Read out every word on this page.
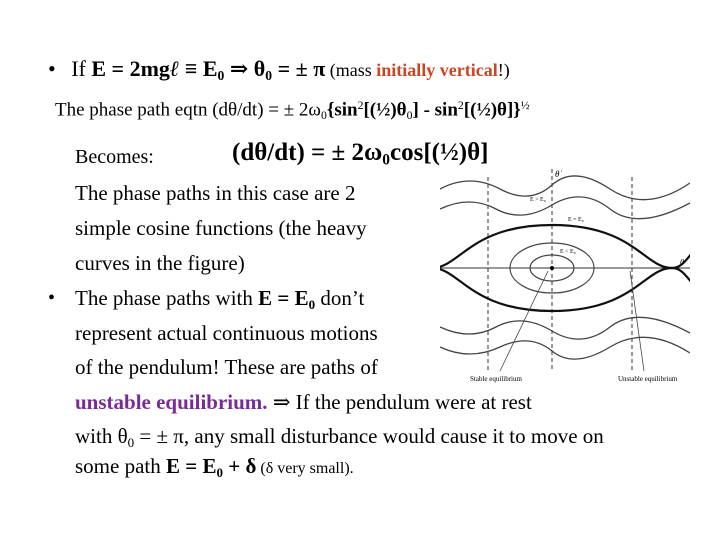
• If E = 2mgℓ ≡ $E_0$ ⇒ $\theta_0$ = ± π (mass initially vertical!)
The phase path eqtn (dθ/dt) = ± $2\omega_0\{\sin^2[(\frac{1}{2})\theta_0]$ - $\sin^2[(\frac{1}{2})\theta]\}^{\frac{1}{2}}$
Becomes:	(dθ/dt) = ± $2\omega_0\cos[(\frac{1}{2})\theta]$
The phase paths in this case are 2
simple cosine functions (the heavy
curves in the figure)
• The phase paths with $E = E_0$ don’t
represent actual continuous motions
of the pendulum! These are paths of
unstable equilibrium. ⇒ If the pendulum were at rest
with $\theta_0$ = ± π, any small disturbance would cause it to move on
some path $E = E_0 + \delta$ (δ very small).
θ̇
E = E₀
E > E₀
E < E₀
θ
Stable equilibrium	Unstable equilibrium
